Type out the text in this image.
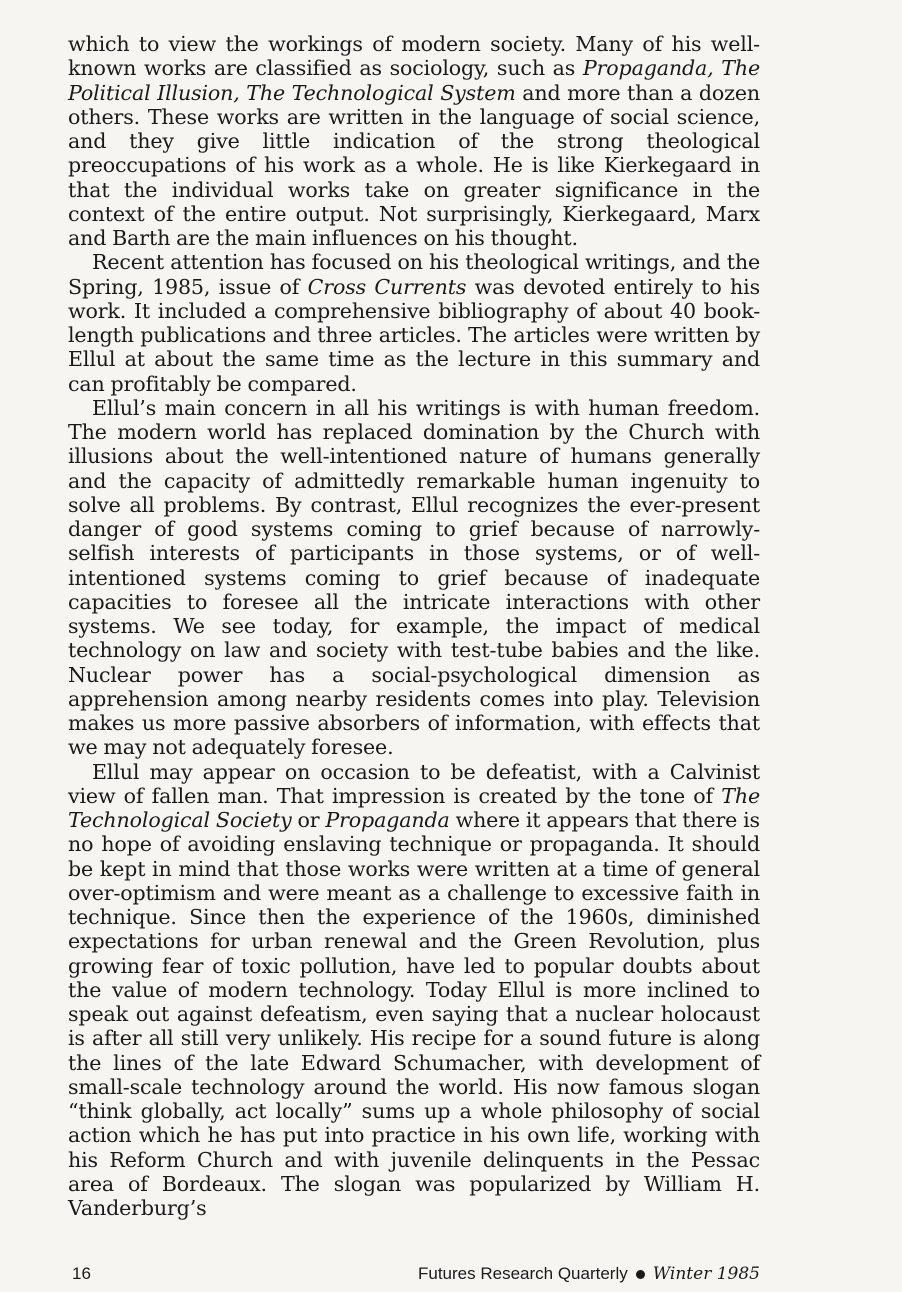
which to view the workings of modern society. Many of his well-known works are classified as sociology, such as Propaganda, The Political Illusion, The Technological System and more than a dozen others. These works are written in the language of social science, and they give little indication of the strong theological preoccupations of his work as a whole. He is like Kierkegaard in that the individual works take on greater significance in the context of the entire output. Not surprisingly, Kierkegaard, Marx and Barth are the main influences on his thought.

Recent attention has focused on his theological writings, and the Spring, 1985, issue of Cross Currents was devoted entirely to his work. It included a comprehensive bibliography of about 40 book-length publications and three articles. The articles were written by Ellul at about the same time as the lecture in this summary and can profitably be compared.

Ellul’s main concern in all his writings is with human freedom. The modern world has replaced domination by the Church with illusions about the well-intentioned nature of humans generally and the capacity of admittedly remarkable human ingenuity to solve all problems. By contrast, Ellul recognizes the ever-present danger of good systems coming to grief because of narrowly-selfish interests of participants in those systems, or of well-intentioned systems coming to grief because of inadequate capacities to foresee all the intricate interactions with other systems. We see today, for example, the impact of medical technology on law and society with test-tube babies and the like. Nuclear power has a social-psychological dimension as apprehension among nearby residents comes into play. Television makes us more passive absorbers of information, with effects that we may not adequately foresee.

Ellul may appear on occasion to be defeatist, with a Calvinist view of fallen man. That impression is created by the tone of The Technological Society or Propaganda where it appears that there is no hope of avoiding enslaving technique or propaganda. It should be kept in mind that those works were written at a time of general over-optimism and were meant as a challenge to excessive faith in technique. Since then the experience of the 1960s, diminished expectations for urban renewal and the Green Revolution, plus growing fear of toxic pollution, have led to popular doubts about the value of modern technology. Today Ellul is more inclined to speak out against defeatism, even saying that a nuclear holocaust is after all still very unlikely. His recipe for a sound future is along the lines of the late Edward Schumacher, with development of small-scale technology around the world. His now famous slogan “think globally, act locally” sums up a whole philosophy of social action which he has put into practice in his own life, working with his Reform Church and with juvenile delinquents in the Pessac area of Bordeaux. The slogan was popularized by William H. Vanderburg’s

16	Futures Research Quarterly Winter 1985
